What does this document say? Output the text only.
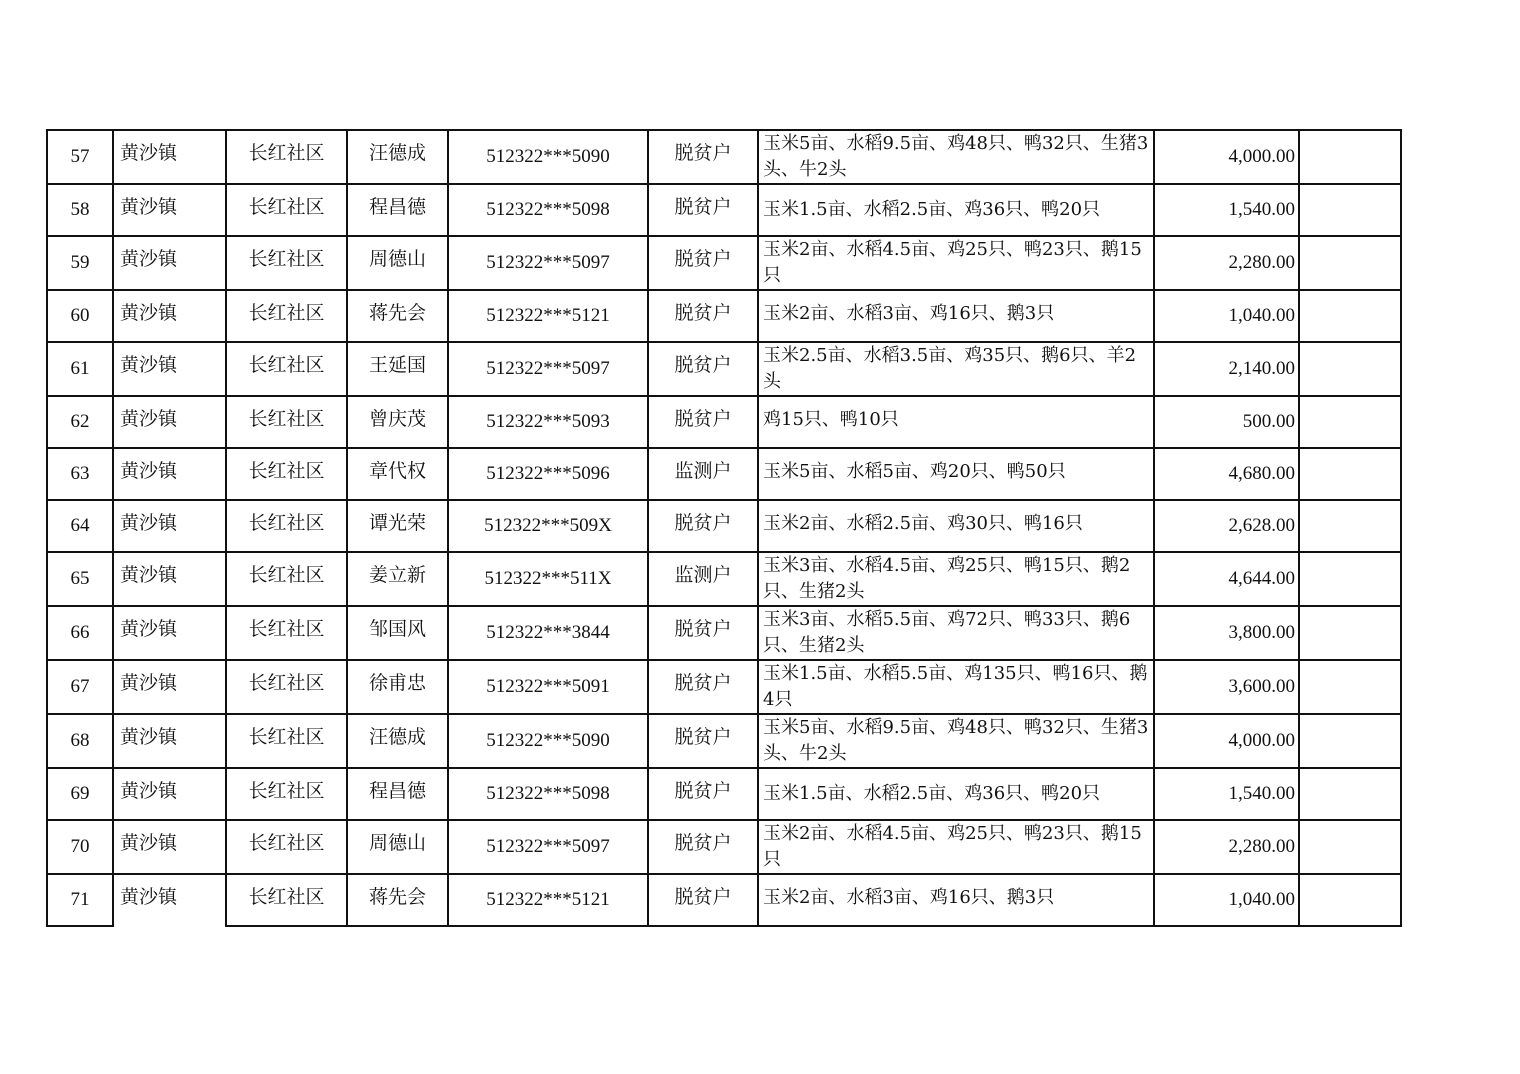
57	黄沙镇	长红社区	汪德成	512322***5090	脱贫户	玉米5亩、水稻9.5亩、鸡48只、鸭32只、生猪3头、牛2头	4,000.00	
58	黄沙镇	长红社区	程昌德	512322***5098	脱贫户	玉米1.5亩、水稻2.5亩、鸡36只、鸭20只	1,540.00	
59	黄沙镇	长红社区	周德山	512322***5097	脱贫户	玉米2亩、水稻4.5亩、鸡25只、鸭23只、鹅15只	2,280.00	
60	黄沙镇	长红社区	蒋先会	512322***5121	脱贫户	玉米2亩、水稻3亩、鸡16只、鹅3只	1,040.00	
61	黄沙镇	长红社区	王延国	512322***5097	脱贫户	玉米2.5亩、水稻3.5亩、鸡35只、鹅6只、羊2头	2,140.00	
62	黄沙镇	长红社区	曾庆茂	512322***5093	脱贫户	鸡15只、鸭10只	500.00	
63	黄沙镇	长红社区	章代权	512322***5096	监测户	玉米5亩、水稻5亩、鸡20只、鸭50只	4,680.00	
64	黄沙镇	长红社区	谭光荣	512322***509X	脱贫户	玉米2亩、水稻2.5亩、鸡30只、鸭16只	2,628.00	
65	黄沙镇	长红社区	姜立新	512322***511X	监测户	玉米3亩、水稻4.5亩、鸡25只、鸭15只、鹅2只、生猪2头	4,644.00	
66	黄沙镇	长红社区	邹国风	512322***3844	脱贫户	玉米3亩、水稻5.5亩、鸡72只、鸭33只、鹅6只、生猪2头	3,800.00	
67	黄沙镇	长红社区	徐甫忠	512322***5091	脱贫户	玉米1.5亩、水稻5.5亩、鸡135只、鸭16只、鹅4只	3,600.00	
68	黄沙镇	长红社区	汪德成	512322***5090	脱贫户	玉米5亩、水稻9.5亩、鸡48只、鸭32只、生猪3头、牛2头	4,000.00	
69	黄沙镇	长红社区	程昌德	512322***5098	脱贫户	玉米1.5亩、水稻2.5亩、鸡36只、鸭20只	1,540.00	
70	黄沙镇	长红社区	周德山	512322***5097	脱贫户	玉米2亩、水稻4.5亩、鸡25只、鸭23只、鹅15只	2,280.00	
71	黄沙镇	长红社区	蒋先会	512322***5121	脱贫户	玉米2亩、水稻3亩、鸡16只、鹅3只	1,040.00	
